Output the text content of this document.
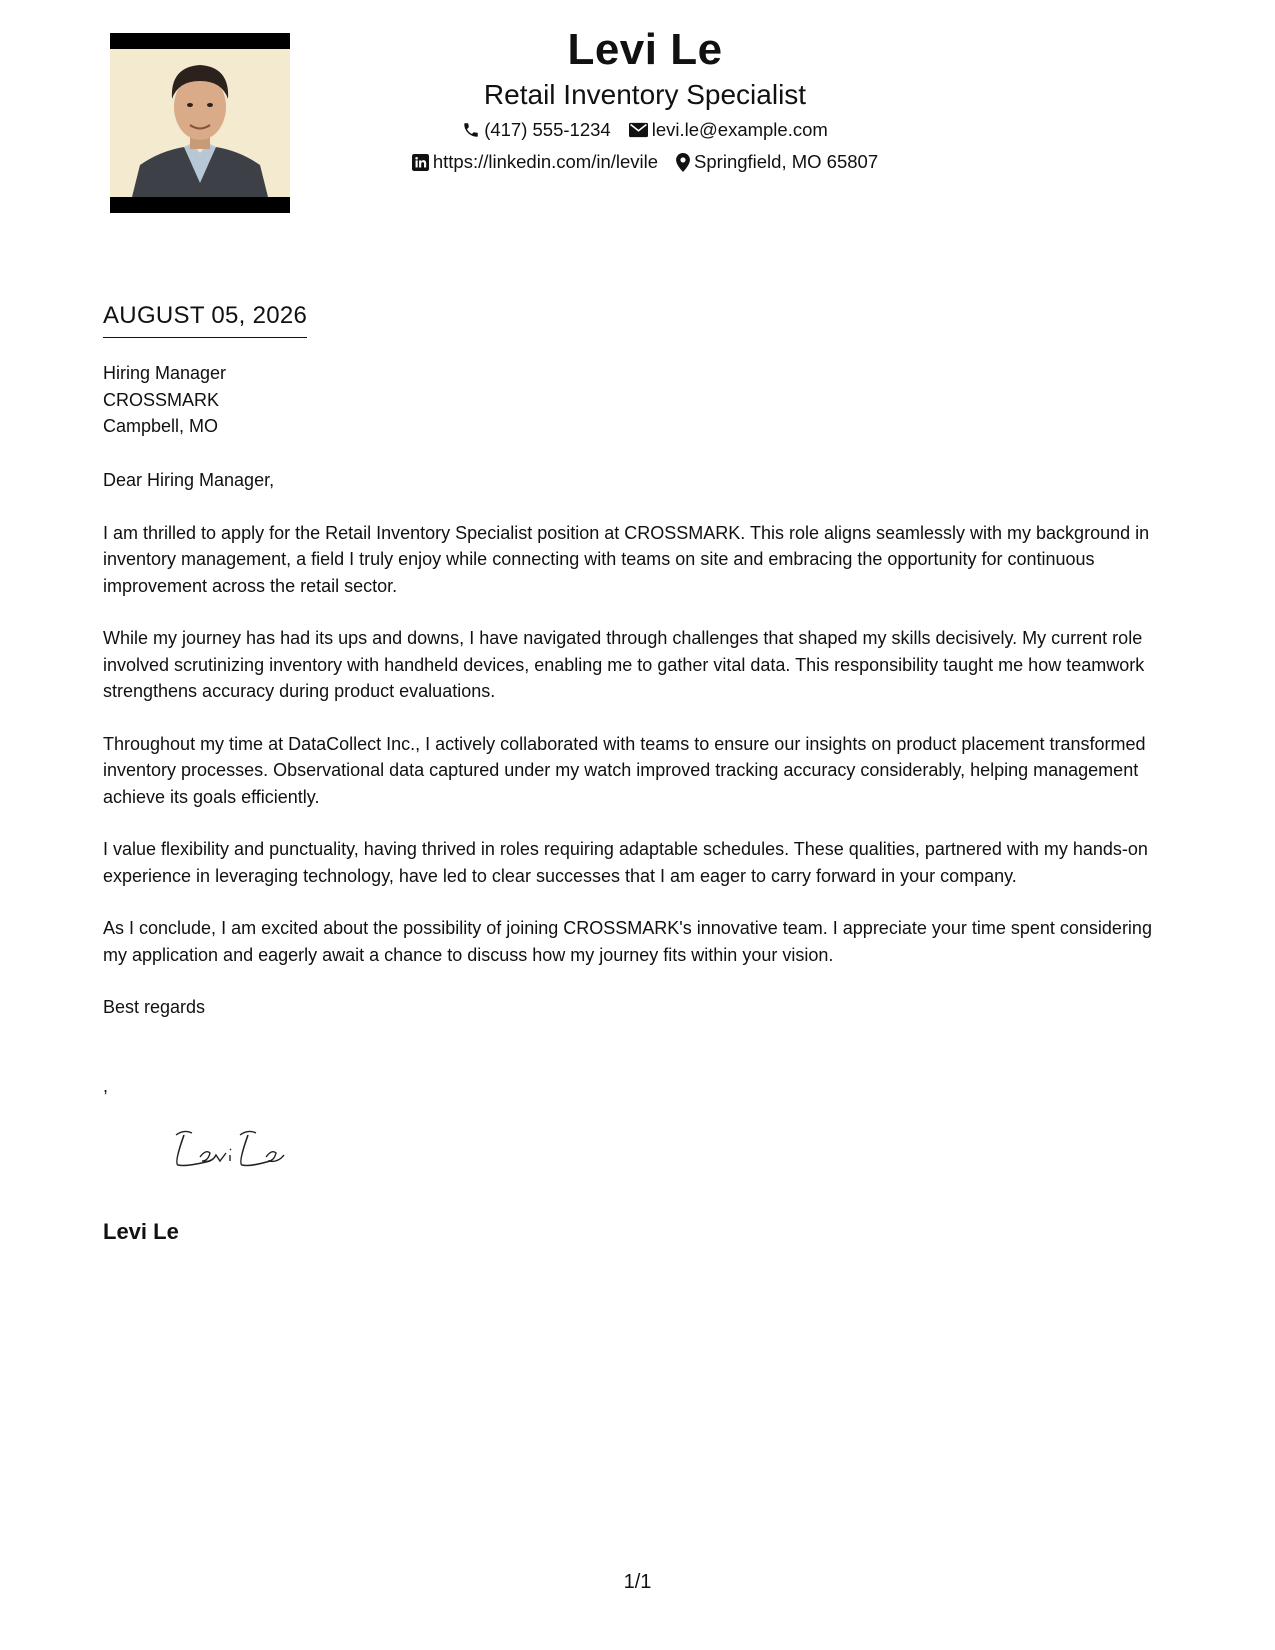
Levi Le
Retail Inventory Specialist
(417) 555-1234 levi.le@example.com
https://linkedin.com/in/levile Springfield, MO 65807
AUGUST 05, 2026
Hiring Manager
CROSSMARK
Campbell, MO

Dear Hiring Manager,

I am thrilled to apply for the Retail Inventory Specialist position at CROSSMARK. This role aligns seamlessly with my background in inventory management, a field I truly enjoy while connecting with teams on site and embracing the opportunity for continuous improvement across the retail sector.

While my journey has had its ups and downs, I have navigated through challenges that shaped my skills decisively. My current role involved scrutinizing inventory with handheld devices, enabling me to gather vital data. This responsibility taught me how teamwork strengthens accuracy during product evaluations.

Throughout my time at DataCollect Inc., I actively collaborated with teams to ensure our insights on product placement transformed inventory processes. Observational data captured under my watch improved tracking accuracy considerably, helping management achieve its goals efficiently.

I value flexibility and punctuality, having thrived in roles requiring adaptable schedules. These qualities, partnered with my hands-on experience in leveraging technology, have led to clear successes that I am eager to carry forward in your company.

As I conclude, I am excited about the possibility of joining CROSSMARK's innovative team. I appreciate your time spent considering my application and eagerly await a chance to discuss how my journey fits within your vision.

Best regards

,
Levi Le
1/1
